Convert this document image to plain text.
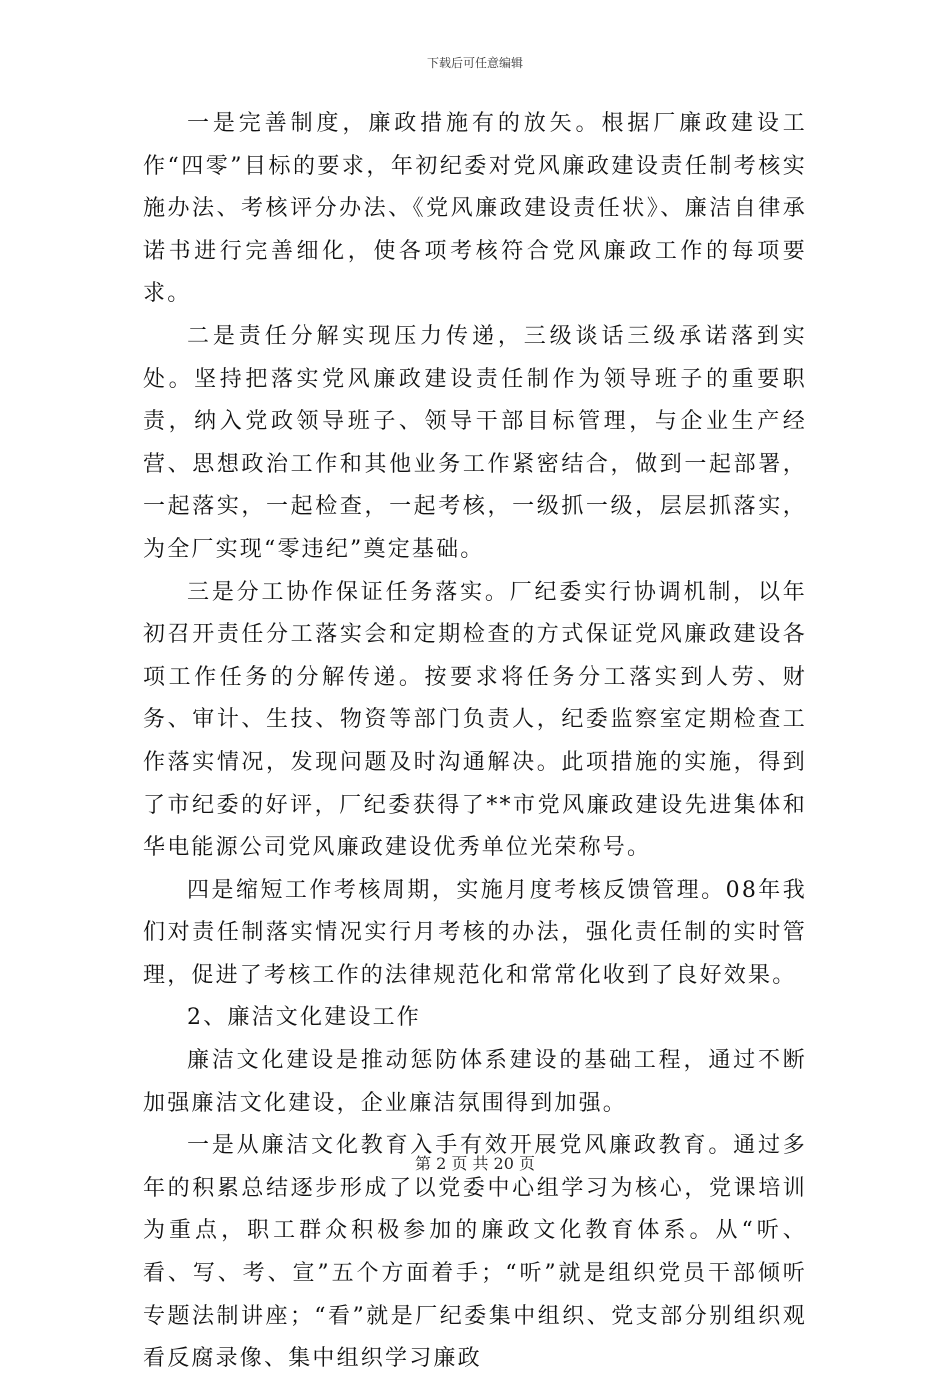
下载后可任意编辑

一是完善制度，廉政措施有的放矢。根据厂廉政建设工作“四零”目标的要求，年初纪委对党风廉政建设责任制考核实施办法、考核评分办法、《党风廉政建设责任状》、廉洁自律承诺书进行完善细化，使各项考核符合党风廉政工作的每项要求。

二是责任分解实现压力传递，三级谈话三级承诺落到实处。坚持把落实党风廉政建设责任制作为领导班子的重要职责，纳入党政领导班子、领导干部目标管理，与企业生产经营、思想政治工作和其他业务工作紧密结合，做到一起部署，一起落实，一起检查，一起考核，一级抓一级，层层抓落实，为全厂实现“零违纪”奠定基础。

三是分工协作保证任务落实。厂纪委实行协调机制，以年初召开责任分工落实会和定期检查的方式保证党风廉政建设各项工作任务的分解传递。按要求将任务分工落实到人劳、财务、审计、生技、物资等部门负责人，纪委监察室定期检查工作落实情况，发现问题及时沟通解决。此项措施的实施，得到了市纪委的好评，厂纪委获得了**市党风廉政建设先进集体和华电能源公司党风廉政建设优秀单位光荣称号。

四是缩短工作考核周期，实施月度考核反馈管理。08年我们对责任制落实情况实行月考核的办法，强化责任制的实时管理，促进了考核工作的法律规范化和常常化收到了良好效果。

2、廉洁文化建设工作

廉洁文化建设是推动惩防体系建设的基础工程，通过不断加强廉洁文化建设，企业廉洁氛围得到加强。

一是从廉洁文化教育入手有效开展党风廉政教育。通过多年的积累总结逐步形成了以党委中心组学习为核心，党课培训为重点，职工群众积极参加的廉政文化教育体系。从“听、看、写、考、宣”五个方面着手；“听”就是组织党员干部倾听专题法制讲座；“看”就是厂纪委集中组织、党支部分别组织观看反腐录像、集中组织学习廉政

第 2 页 共 20 页
